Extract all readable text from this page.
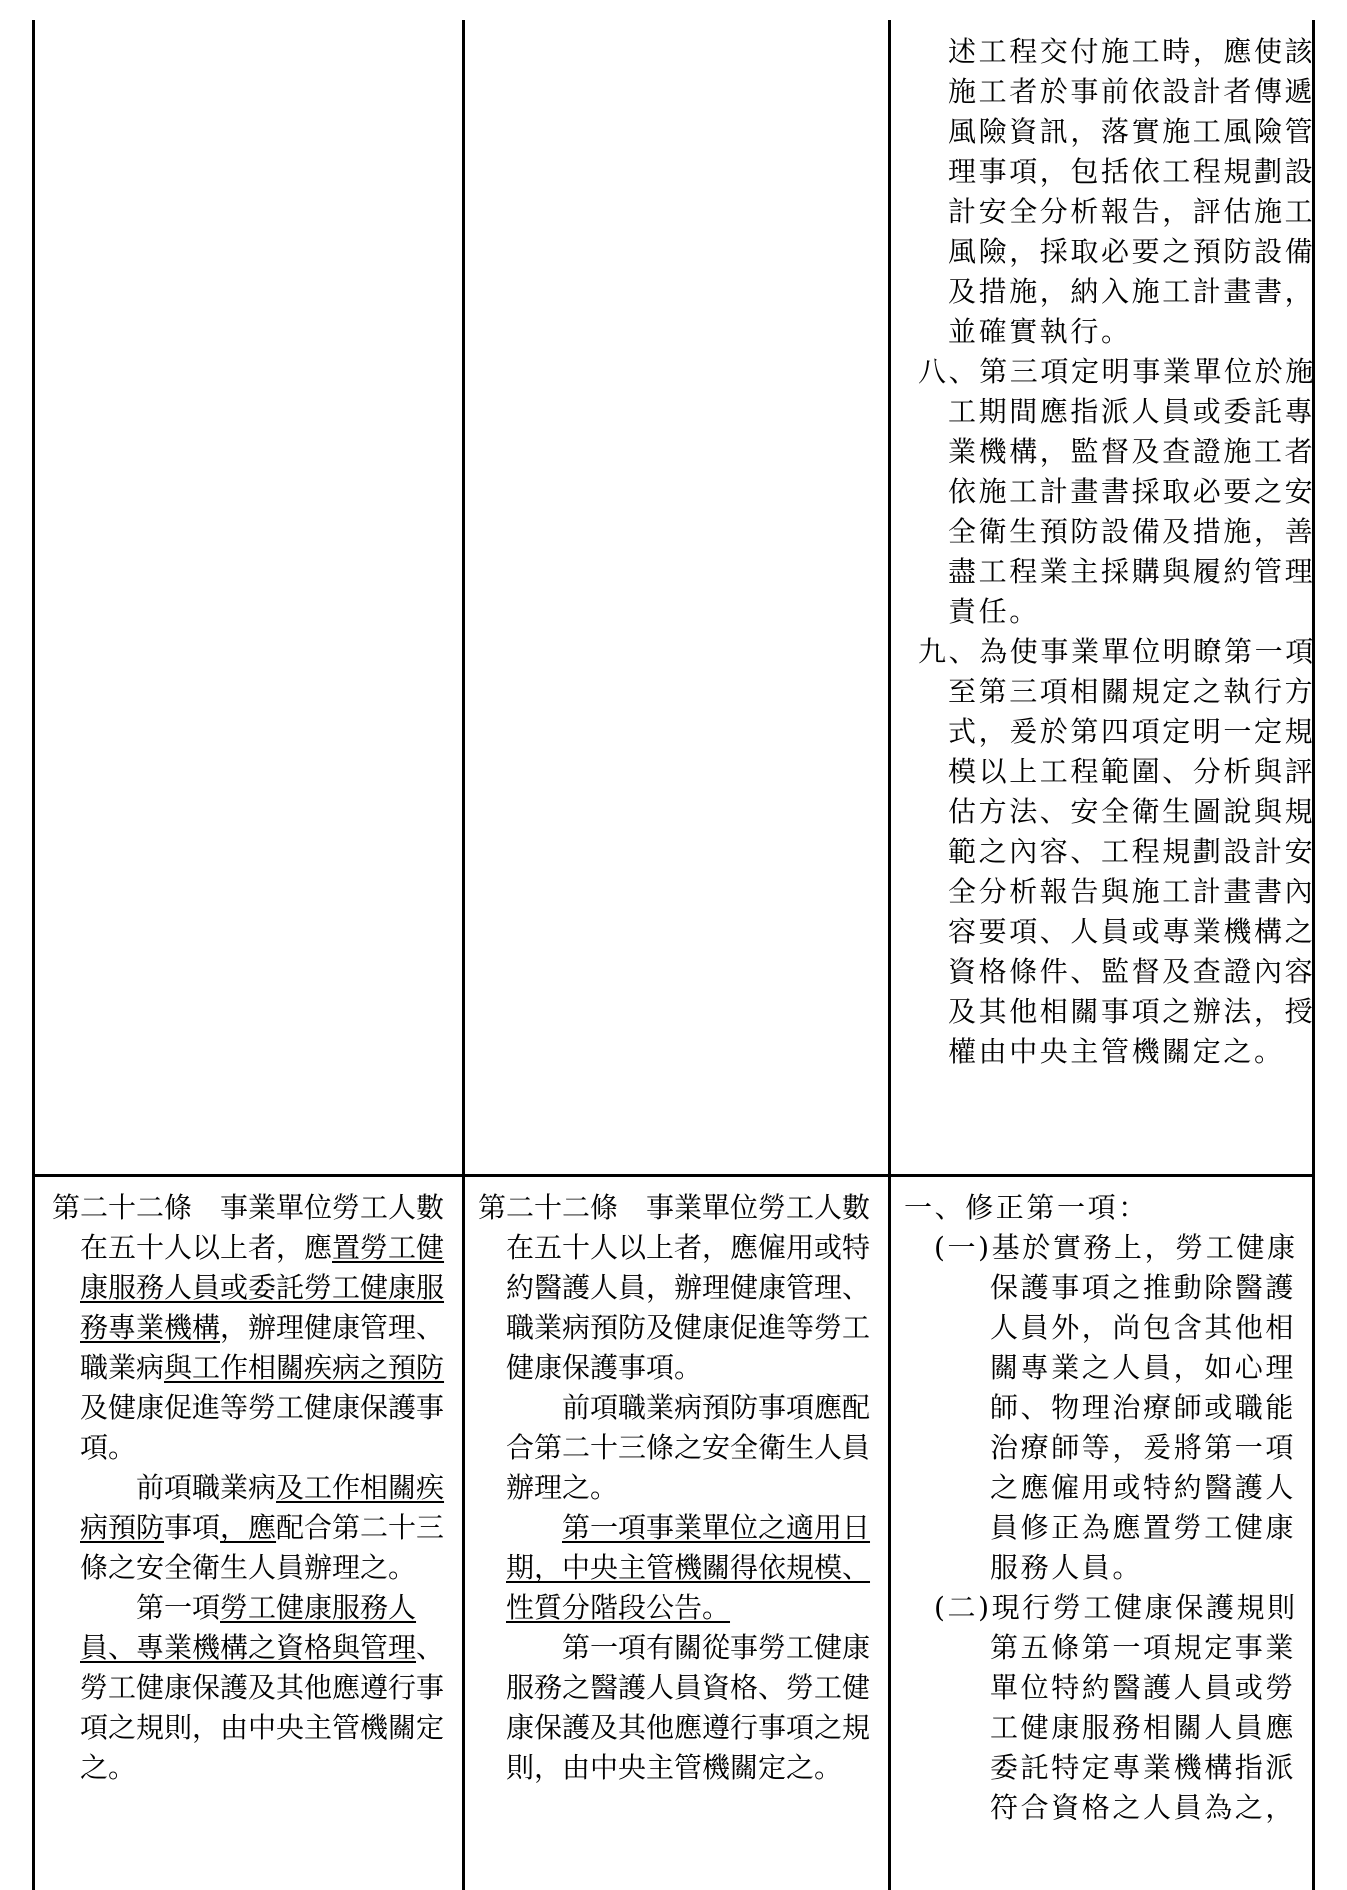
述工程交付施工時，應使該施工者於事前依設計者傳遞風險資訊，落實施工風險管理事項，包括依工程規劃設計安全分析報告，評估施工風險，採取必要之預防設備及措施，納入施工計畫書，並確實執行。

八、第三項定明事業單位於施工期間應指派人員或委託專業機構，監督及查證施工者依施工計畫書採取必要之安全衛生預防設備及措施，善盡工程業主採購與履約管理責任。

九、為使事業單位明瞭第一項至第三項相關規定之執行方式，爰於第四項定明一定規模以上工程範圍、分析與評估方法、安全衛生圖說與規範之內容、工程規劃設計安全分析報告與施工計畫書內容要項、人員或專業機構之資格條件、監督及查證內容及其他相關事項之辦法，授權由中央主管機關定之。

第二十二條　事業單位勞工人數在五十人以上者，應置勞工健康服務人員或委託勞工健康服務專業機構，辦理健康管理、職業病與工作相關疾病之預防及健康促進等勞工健康保護事項。

前項職業病及工作相關疾病預防事項，應配合第二十三條之安全衛生人員辦理之。

第一項勞工健康服務人員、專業機構之資格與管理、勞工健康保護及其他應遵行事項之規則，由中央主管機關定之。

第二十二條　事業單位勞工人數在五十人以上者，應僱用或特約醫護人員，辦理健康管理、職業病預防及健康促進等勞工健康保護事項。

前項職業病預防事項應配合第二十三條之安全衛生人員辦理之。

第一項事業單位之適用日期，中央主管機關得依規模、性質分階段公告。

第一項有關從事勞工健康服務之醫護人員資格、勞工健康保護及其他應遵行事項之規則，由中央主管機關定之。

一、修正第一項：

(一)基於實務上，勞工健康保護事項之推動除醫護人員外，尚包含其他相關專業之人員，如心理師、物理治療師或職能治療師等，爰將第一項之應僱用或特約醫護人員修正為應置勞工健康服務人員。

(二)現行勞工健康保護規則第五條第一項規定事業單位特約醫護人員或勞工健康服務相關人員應委託特定專業機構指派符合資格之人員為之，
